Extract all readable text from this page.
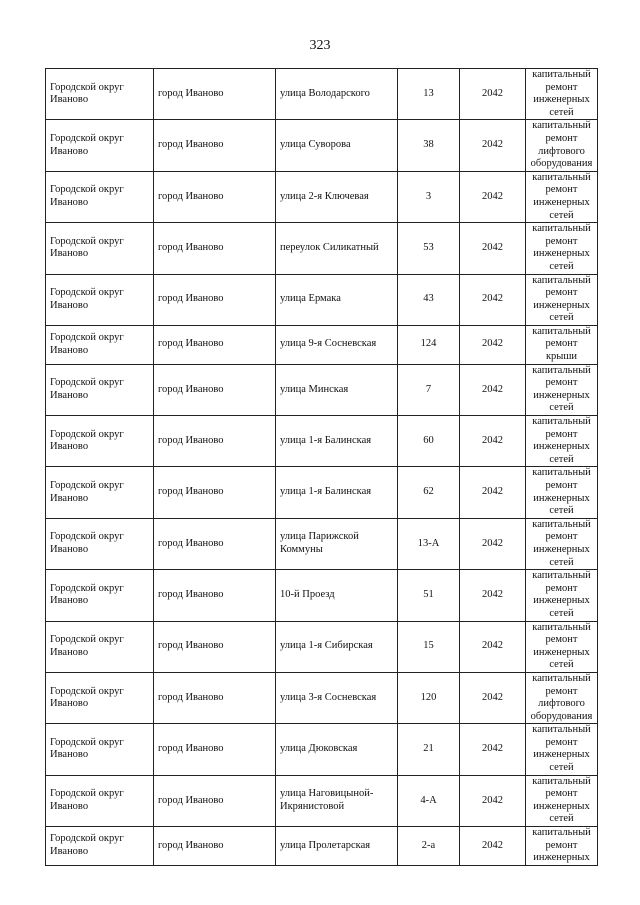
323
Городской округ Иваново	город Иваново	улица Володарского	13	2042	капитальный ремонт инженерных сетей
Городской округ Иваново	город Иваново	улица Суворова	38	2042	капитальный ремонт лифтового оборудования
Городской округ Иваново	город Иваново	улица 2-я Ключевая	3	2042	капитальный ремонт инженерных сетей
Городской округ Иваново	город Иваново	переулок Силикатный	53	2042	капитальный ремонт инженерных сетей
Городской округ Иваново	город Иваново	улица Ермака	43	2042	капитальный ремонт инженерных сетей
Городской округ Иваново	город Иваново	улица 9-я Сосневская	124	2042	капитальный ремонт крыши
Городской округ Иваново	город Иваново	улица Минская	7	2042	капитальный ремонт инженерных сетей
Городской округ Иваново	город Иваново	улица 1-я Балинская	60	2042	капитальный ремонт инженерных сетей
Городской округ Иваново	город Иваново	улица 1-я Балинская	62	2042	капитальный ремонт инженерных сетей
Городской округ Иваново	город Иваново	улица Парижской Коммуны	13-А	2042	капитальный ремонт инженерных сетей
Городской округ Иваново	город Иваново	10-й Проезд	51	2042	капитальный ремонт инженерных сетей
Городской округ Иваново	город Иваново	улица 1-я Сибирская	15	2042	капитальный ремонт инженерных сетей
Городской округ Иваново	город Иваново	улица 3-я Сосневская	120	2042	капитальный ремонт лифтового оборудования
Городской округ Иваново	город Иваново	улица Дюковская	21	2042	капитальный ремонт инженерных сетей
Городской округ Иваново	город Иваново	улица Наговицыной-Икрянистовой	4-А	2042	капитальный ремонт инженерных сетей
Городской округ Иваново	город Иваново	улица Пролетарская	2-а	2042	капитальный ремонт инженерных
